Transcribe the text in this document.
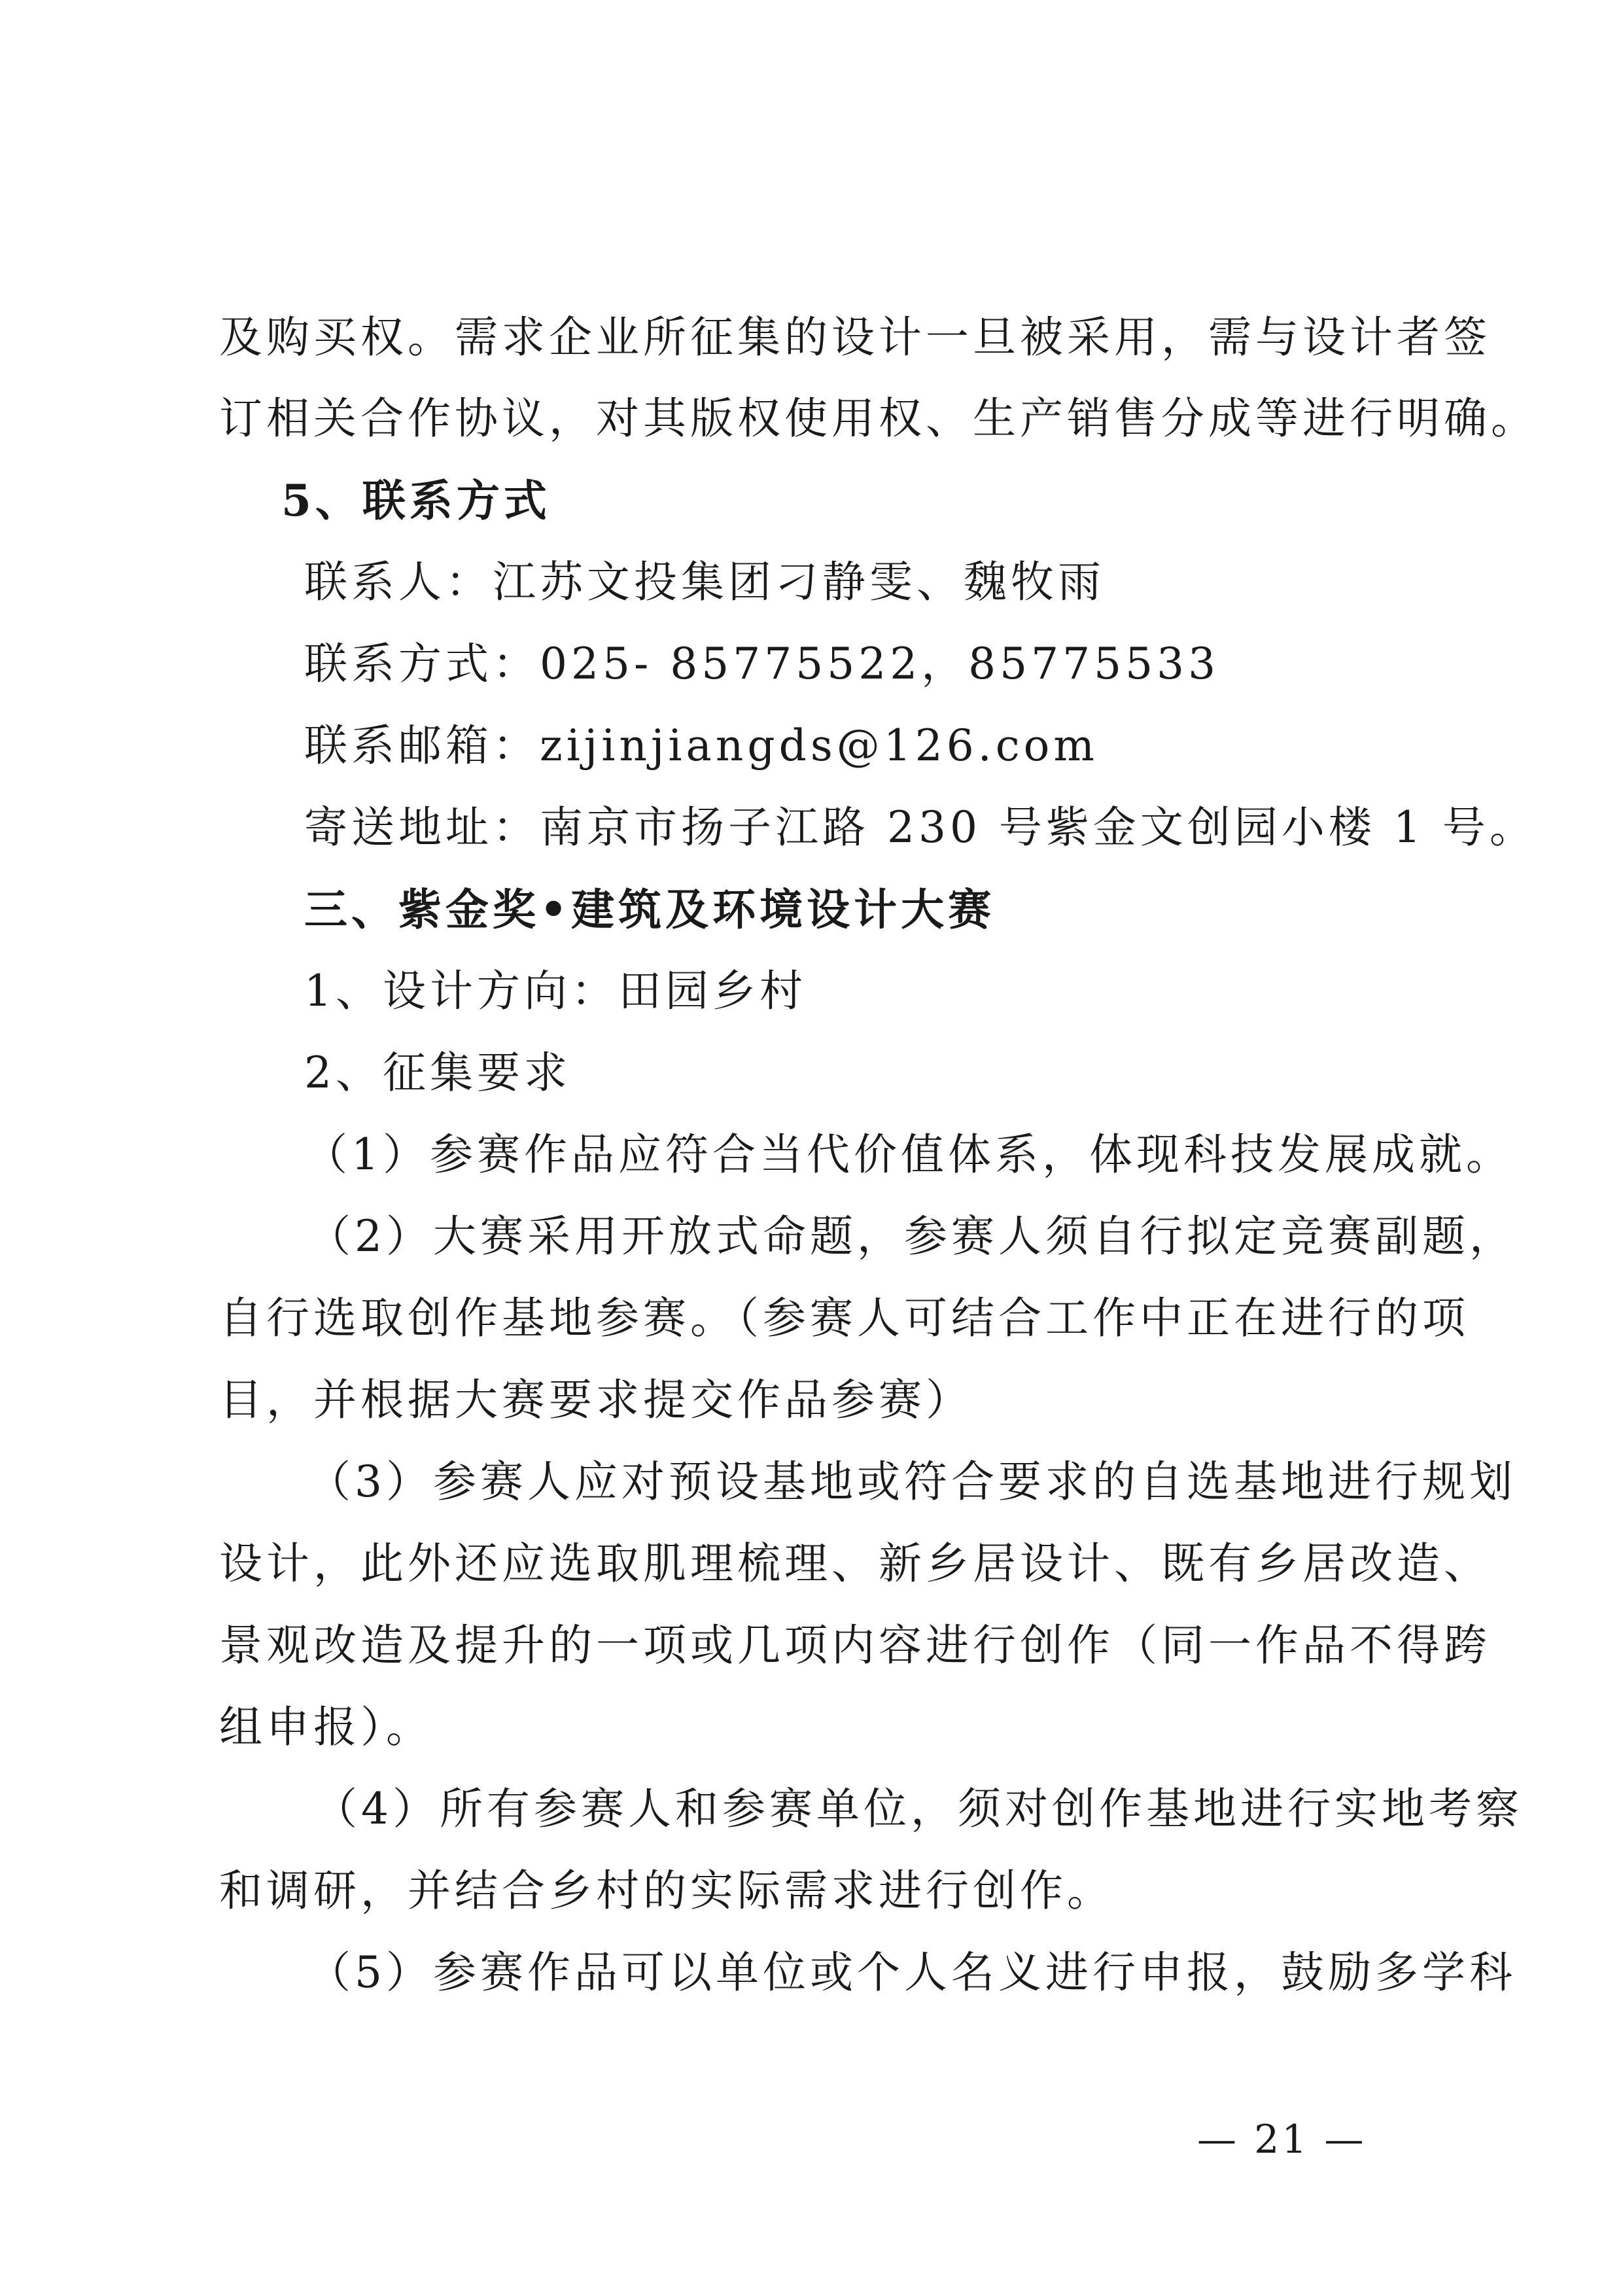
及购买权。需求企业所征集的设计一旦被采用，需与设计者签
订相关合作协议，对其版权使用权、生产销售分成等进行明确。
5、联系方式
联系人：江苏文投集团刁静雯、魏牧雨
联系方式：025- 85775522，85775533
联系邮箱：zijinjiangds@126.com
寄送地址：南京市扬子江路 230 号紫金文创园小楼 1 号。
三、紫金奖•建筑及环境设计大赛
1、设计方向：田园乡村
2、征集要求
（1）参赛作品应符合当代价值体系，体现科技发展成就。
（2）大赛采用开放式命题，参赛人须自行拟定竞赛副题，
自行选取创作基地参赛。（参赛人可结合工作中正在进行的项
目，并根据大赛要求提交作品参赛）
（3）参赛人应对预设基地或符合要求的自选基地进行规划
设计，此外还应选取肌理梳理、新乡居设计、既有乡居改造、
景观改造及提升的一项或几项内容进行创作（同一作品不得跨
组申报）。
（4）所有参赛人和参赛单位，须对创作基地进行实地考察
和调研，并结合乡村的实际需求进行创作。
（5）参赛作品可以单位或个人名义进行申报，鼓励多学科
— 21 —
